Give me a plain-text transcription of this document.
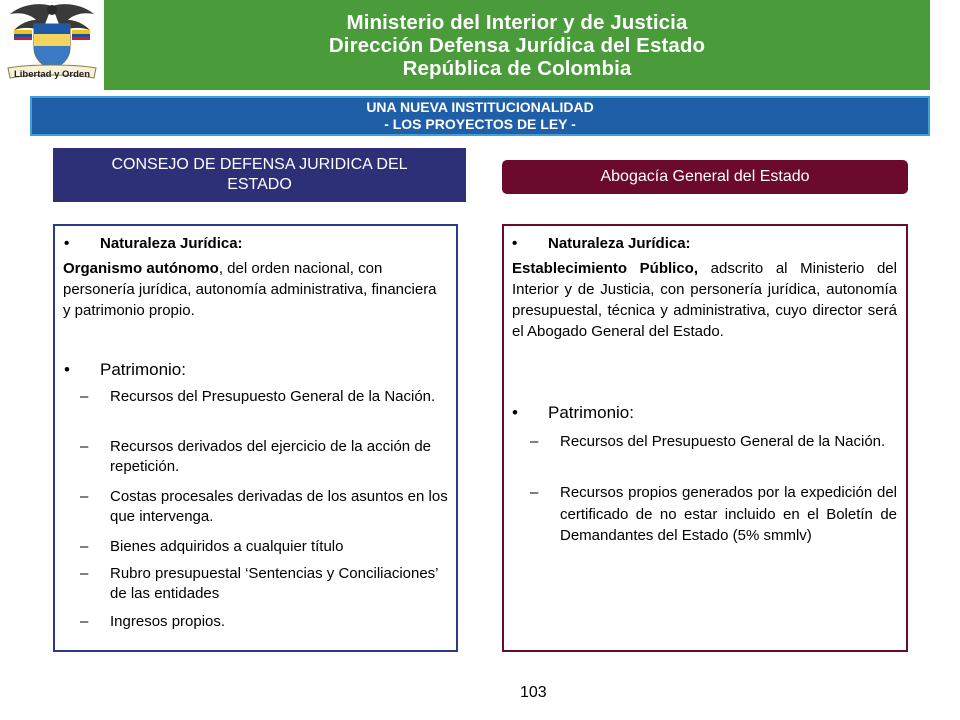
Libertad y Orden
Ministerio del Interior y de Justicia
Dirección Defensa Jurídica del Estado
República de Colombia
UNA NUEVA INSTITUCIONALIDAD
- LOS PROYECTOS DE LEY -
CONSEJO DE DEFENSA JURIDICA DEL ESTADO	Abogacía General del Estado
• Naturaleza Jurídica:
Organismo autónomo, del orden nacional, con personería jurídica, autonomía administrativa, financiera y patrimonio propio.
• Patrimonio:
– Recursos del Presupuesto General de la Nación.
– Recursos derivados del ejercicio de la acción de repetición.
– Costas procesales derivadas de los asuntos en los que intervenga.
– Bienes adquiridos a cualquier título
– Rubro presupuestal ‘Sentencias y Conciliaciones’ de las entidades
– Ingresos propios.
• Naturaleza Jurídica:
Establecimiento Público, adscrito al Ministerio del Interior y de Justicia, con personería jurídica, autonomía presupuestal, técnica y administrativa, cuyo director será el Abogado General del Estado.
• Patrimonio:
– Recursos del Presupuesto General de la Nación.
– Recursos propios generados por la expedición del certificado de no estar incluido en el Boletín de Demandantes del Estado (5% smmlv)
103
